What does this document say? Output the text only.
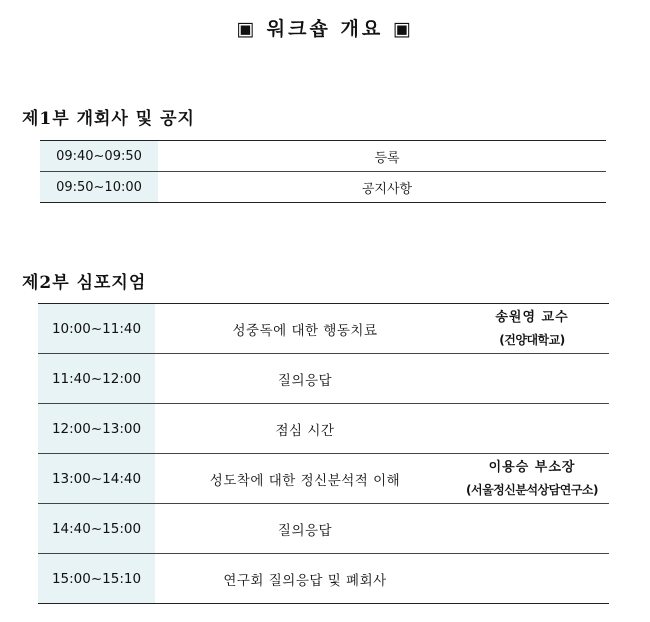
▣ 워크숍 개요 ▣
제1부 개회사 및 공지
09:40~09:50	등록
09:50~10:00	공지사항
제2부 심포지엄
10:00~11:40	성중독에 대한 행동치료	송원영 교수
(건양대학교)

11:40~12:00	질의응답	

12:00~13:00	점심 시간	

13:00~14:40	성도착에 대한 정신분석적 이해	이용승 부소장
(서울정신분석상담연구소)

14:40~15:00	질의응답	

15:00~15:10	연구회 질의응답 및 폐회사	
